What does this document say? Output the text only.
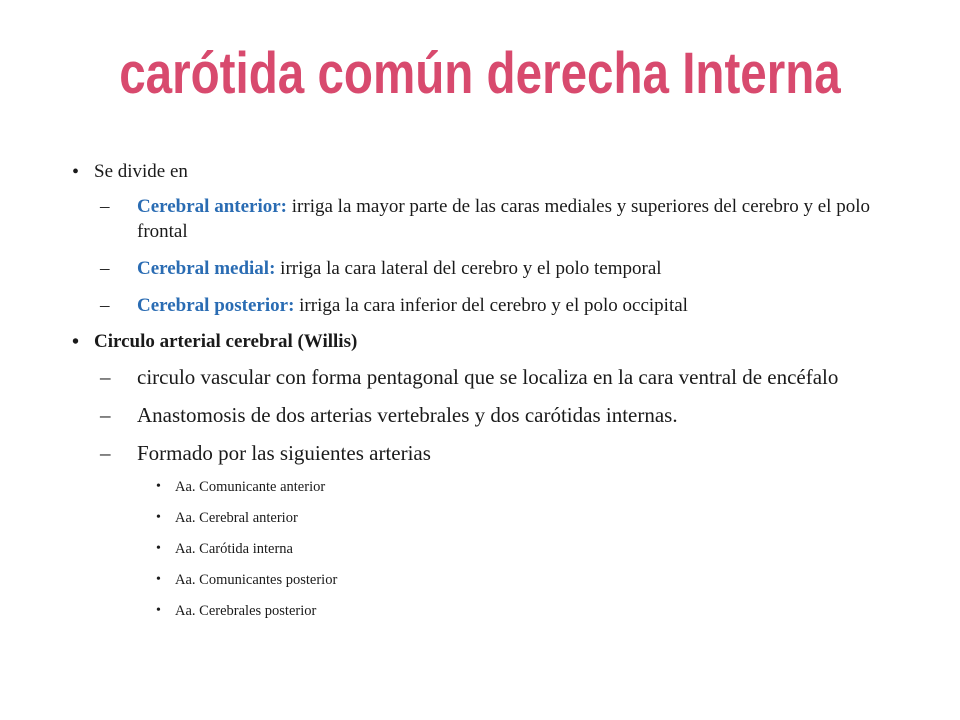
carótida común derecha Interna
• Se divide en
– Cerebral anterior: irriga la mayor parte de las caras mediales y superiores del cerebro y el polo frontal
– Cerebral medial: irriga la cara lateral del cerebro y el polo temporal
– Cerebral posterior: irriga la cara inferior del cerebro y el polo occipital
• Circulo arterial cerebral (Willis)
– circulo vascular con forma pentagonal que se localiza en la cara ventral de encéfalo
– Anastomosis de dos arterias vertebrales y dos carótidas internas.
– Formado por las siguientes arterias
• Aa. Comunicante anterior
• Aa. Cerebral anterior
• Aa. Carótida interna
• Aa. Comunicantes posterior
• Aa. Cerebrales posterior
